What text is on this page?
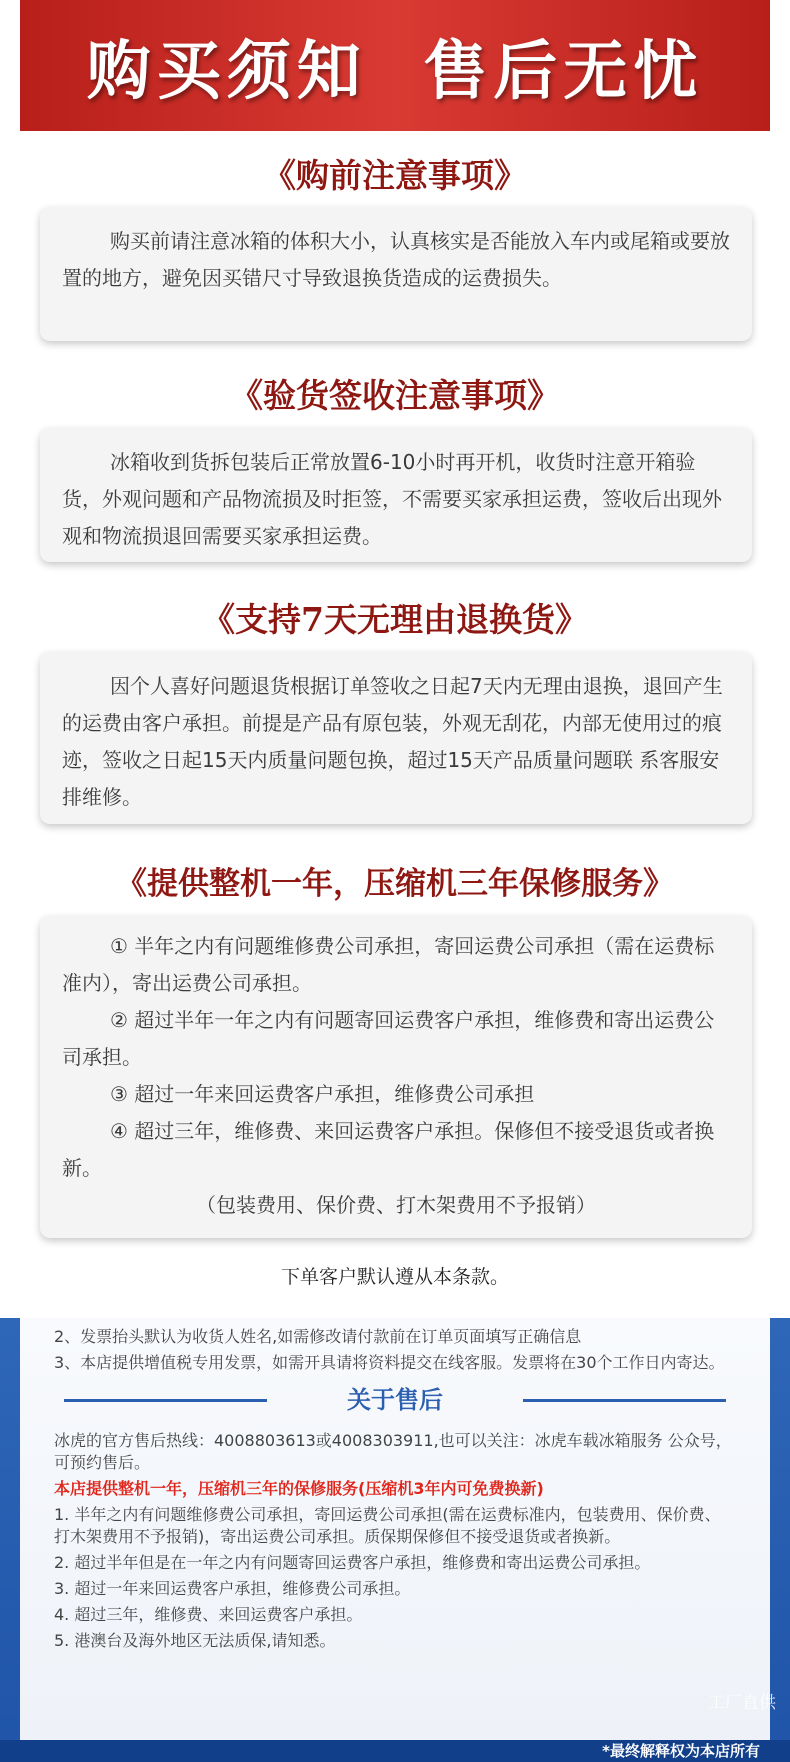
购买须知  售后无忧
《购前注意事项》

购买前请注意冰箱的体积大小，认真核实是否能放入车内或尾箱或要放置的地方，避免因买错尺寸导致退换货造成的运费损失。

《验货签收注意事项》

冰箱收到货拆包装后正常放置6-10小时再开机，收货时注意开箱验货，外观问题和产品物流损及时拒签，不需要买家承担运费，签收后出现外观和物流损退回需要买家承担运费。

《支持7天无理由退换货》

因个人喜好问题退货根据订单签收之日起7天内无理由退换，退回产生的运费由客户承担。前提是产品有原包装，外观无刮花，内部无使用过的痕迹，签收之日起15天内质量问题包换，超过15天产品质量问题联 系客服安排维修。

《提供整机一年，压缩机三年保修服务》

① 半年之内有问题维修费公司承担，寄回运费公司承担（需在运费标准内），寄出运费公司承担。

② 超过半年一年之内有问题寄回运费客户承担，维修费和寄出运费公司承担。

③ 超过一年来回运费客户承担，维修费公司承担

④ 超过三年，维修费、来回运费客户承担。保修但不接受退货或者换新。

（包装费用、保价费、打木架费用不予报销）

下单客户默认遵从本条款。

2、发票抬头默认为收货人姓名,如需修改请付款前在订单页面填写正确信息

3、本店提供增值税专用发票，如需开具请将资料提交在线客服。发票将在30个工作日内寄达。

关于售后

冰虎的官方售后热线：4008803613或4008303911,也可以关注：冰虎车载冰箱服务 公众号，可预约售后。

本店提供整机一年，压缩机三年的保修服务(压缩机3年内可免费换新)

1. 半年之内有问题维修费公司承担，寄回运费公司承担(需在运费标准内，包装费用、保价费、打木架费用不予报销)，寄出运费公司承担。质保期保修但不接受退货或者换新。

2. 超过半年但是在一年之内有问题寄回运费客户承担，维修费和寄出运费公司承担。

3. 超过一年来回运费客户承担，维修费公司承担。

4. 超过三年，维修费、来回运费客户承担。

5. 港澳台及海外地区无法质保,请知悉。

工厂直供
*最终解释权为本店所有
